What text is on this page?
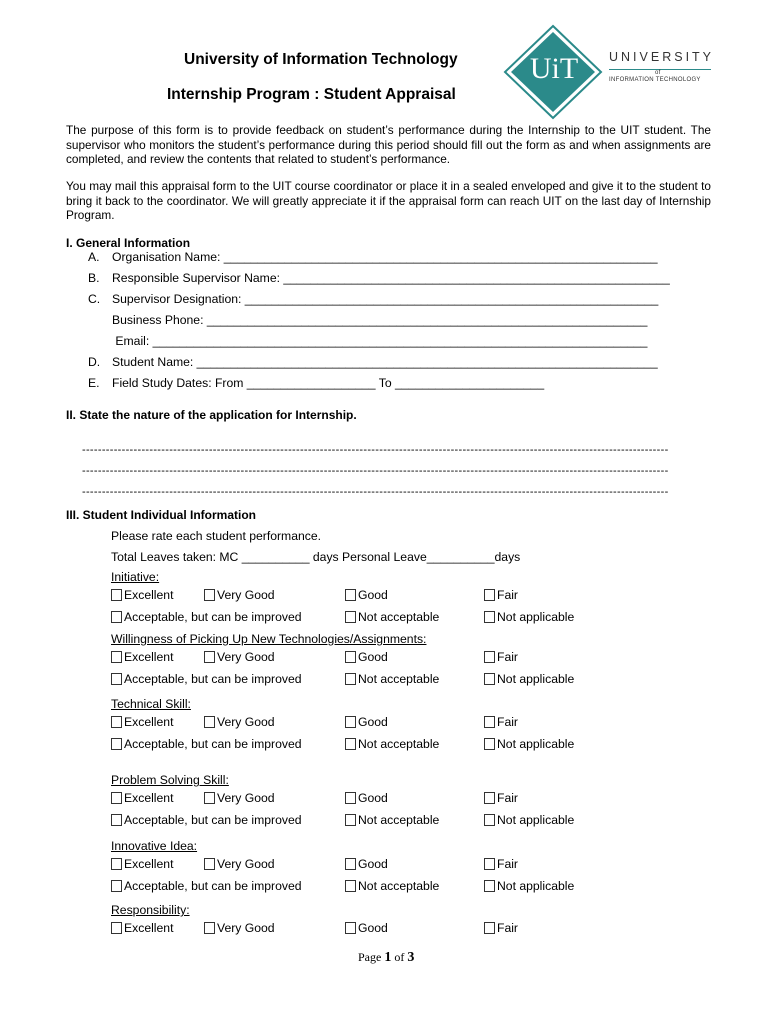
University of Information Technology
Internship Program : Student Appraisal
UiT UNIVERSITY
of
INFORMATION TECHNOLOGY
The purpose of this form is to provide feedback on student’s performance during the Internship to the UIT student. The supervisor who monitors the student’s performance during this period should fill out the form as and when assignments are completed, and review the contents that related to student’s performance.
You may mail this appraisal form to the UIT course coordinator or place it in a sealed enveloped and give it to the student to bring it back to the coordinator. We will greatly appreciate it if the appraisal form can reach UIT on the last day of Internship Program.
I. General Information
A. Organisation Name: ________________________________________________________________
B. Responsible Supervisor Name: _________________________________________________________
C. Supervisor Designation: _____________________________________________________________
Business Phone: _________________________________________________________________
Email: _________________________________________________________________________
D. Student Name: ____________________________________________________________________
E. Field Study Dates: From ___________________ To ______________________
II. State the nature of the application for Internship.
----------------------------------------------------------------------------------------------------------------------------------------------------
----------------------------------------------------------------------------------------------------------------------------------------------------
----------------------------------------------------------------------------------------------------------------------------------------------------
III. Student Individual Information
Please rate each student performance.
Total Leaves taken: MC __________ days Personal Leave__________days
Initiative:
Excellent	Very Good	Good	Fair
Acceptable, but can be improved	Not acceptable	Not applicable
Willingness of Picking Up New Technologies/Assignments:
Excellent	Very Good	Good	Fair
Acceptable, but can be improved	Not acceptable	Not applicable
Technical Skill:
Excellent	Very Good	Good	Fair
Acceptable, but can be improved	Not acceptable	Not applicable
Problem Solving Skill:
Excellent	Very Good	Good	Fair
Acceptable, but can be improved	Not acceptable	Not applicable
Innovative Idea:
Excellent	Very Good	Good	Fair
Acceptable, but can be improved	Not acceptable	Not applicable
Responsibility:
Excellent	Very Good	Good	Fair
Page 1 of 3
